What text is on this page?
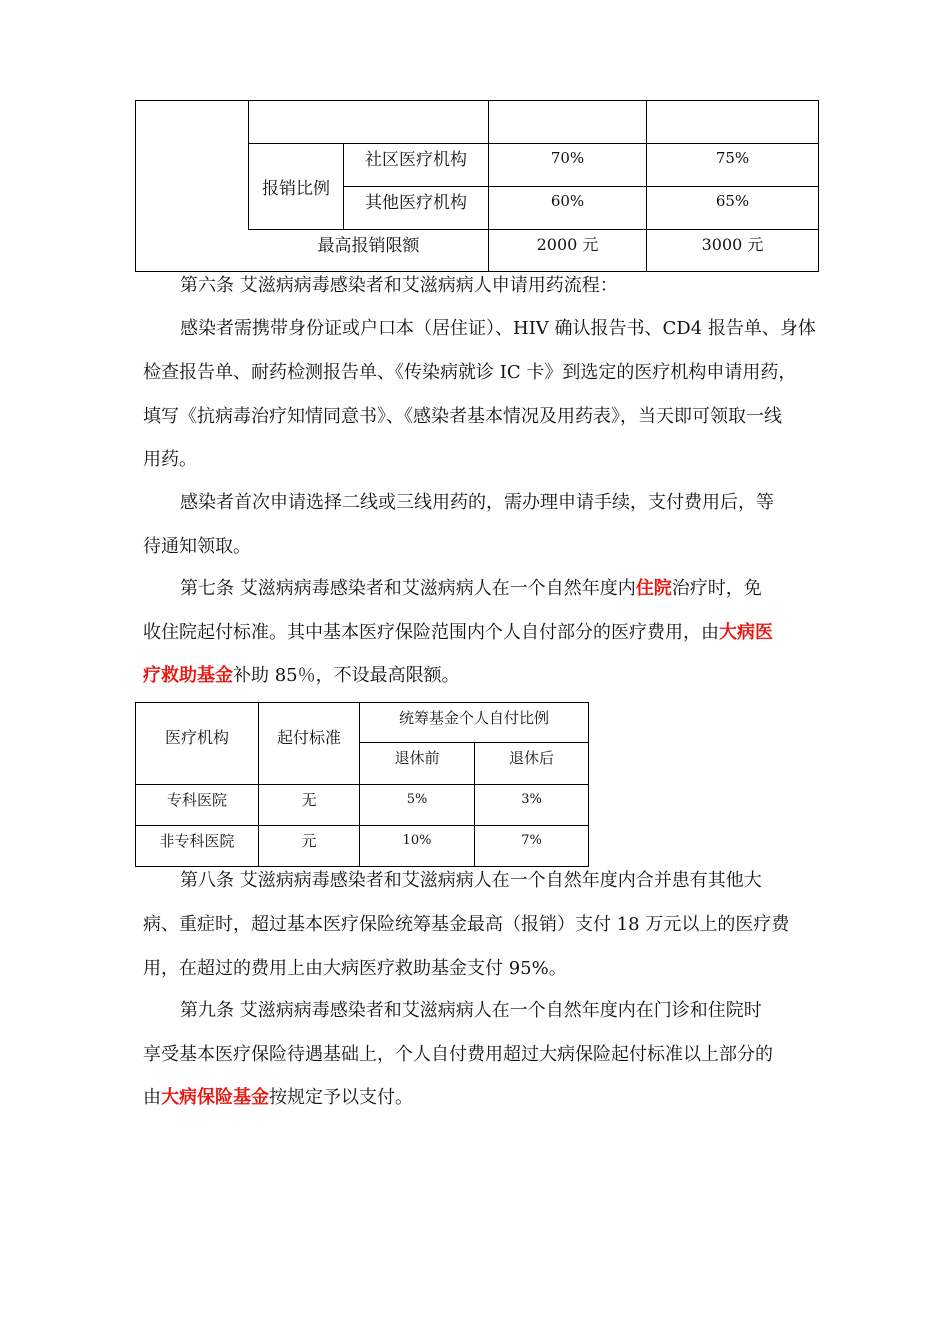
报销比例
社区医疗机构	70%	75%
其他医疗机构	60%	65%
最高报销限额	2000 元	3000 元
第六条 艾滋病病毒感染者和艾滋病病人申请用药流程：
感染者需携带身份证或户口本（居住证）、HIV 确认报告书、CD4 报告单、身体
检查报告单、耐药检测报告单、《传染病就诊 IC 卡》到选定的医疗机构申请用药，
填写《抗病毒治疗知情同意书》、《感染者基本情况及用药表》，当天即可领取一线
用药。
感染者首次申请选择二线或三线用药的，需办理申请手续，支付费用后，等
待通知领取。
第七条 艾滋病病毒感染者和艾滋病病人在一个自然年度内住院治疗时，免
收住院起付标准。其中基本医疗保险范围内个人自付部分的医疗费用，由大病医
疗救助基金补助 85％，不设最高限额。
医疗机构	起付标准
统筹基金个人自付比例
退休前	退休后
专科医院	无	5%	3%
非专科医院	元	10%	7%
第八条 艾滋病病毒感染者和艾滋病病人在一个自然年度内合并患有其他大
病、重症时，超过基本医疗保险统筹基金最高（报销）支付 18 万元以上的医疗费
用，在超过的费用上由大病医疗救助基金支付 95%。
第九条 艾滋病病毒感染者和艾滋病病人在一个自然年度内在门诊和住院时
享受基本医疗保险待遇基础上，个人自付费用超过大病保险起付标准以上部分的
由大病保险基金按规定予以支付。
